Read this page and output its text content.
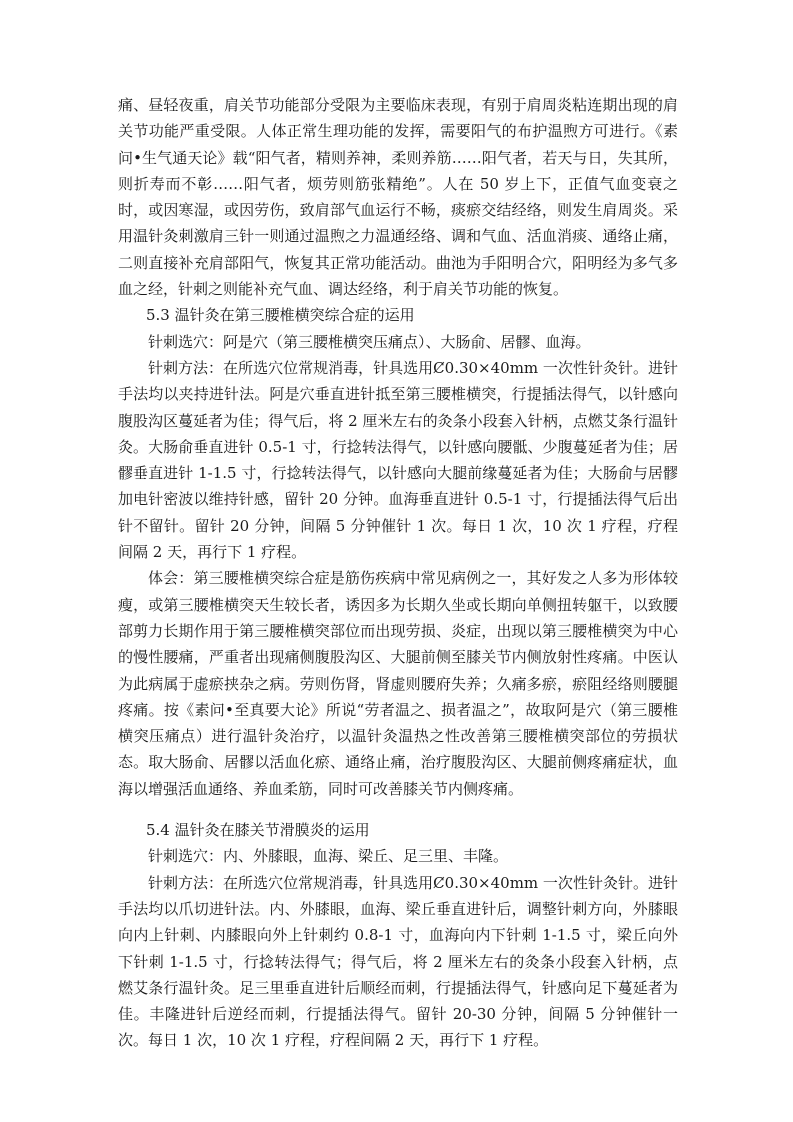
痛、昼轻夜重，肩关节功能部分受限为主要临床表现，有别于肩周炎粘连期出现的肩关节功能严重受限。人体正常生理功能的发挥，需要阳气的布护温煦方可进行。《素问•生气通天论》载“阳气者，精则养神，柔则养筋……阳气者，若天与日，失其所，则折寿而不彰……阳气者，烦劳则筋张精绝”。人在 50 岁上下，正值气血变衰之时，或因寒湿，或因劳伤，致肩部气血运行不畅，痰瘀交结经络，则发生肩周炎。采用温针灸刺激肩三针一则通过温煦之力温通经络、调和气血、活血消痰、通络止痛，二则直接补充肩部阳气，恢复其正常功能活动。曲池为手阳明合穴，阳明经为多气多血之经，针刺之则能补充气血、调达经络，利于肩关节功能的恢复。

5.3 温针灸在第三腰椎横突综合症的运用

针刺选穴：阿是穴（第三腰椎横突压痛点）、大肠俞、居髎、血海。

针刺方法：在所选穴位常规消毒，针具选用Ȼ0.30×40mm 一次性针灸针。进针手法均以夹持进针法。阿是穴垂直进针抵至第三腰椎横突，行提插法得气，以针感向腹股沟区蔓延者为佳；得气后，将 2 厘米左右的灸条小段套入针柄，点燃艾条行温针灸。大肠俞垂直进针 0.5-1 寸，行捻转法得气，以针感向腰骶、少腹蔓延者为佳；居髎垂直进针 1-1.5 寸，行捻转法得气，以针感向大腿前缘蔓延者为佳；大肠俞与居髎加电针密波以维持针感，留针 20 分钟。血海垂直进针 0.5-1 寸，行提插法得气后出针不留针。留针 20 分钟，间隔 5 分钟催针 1 次。每日 1 次，10 次 1 疗程，疗程间隔 2 天，再行下 1 疗程。

体会：第三腰椎横突综合症是筋伤疾病中常见病例之一，其好发之人多为形体较瘦，或第三腰椎横突天生较长者，诱因多为长期久坐或长期向单侧扭转躯干，以致腰部剪力长期作用于第三腰椎横突部位而出现劳损、炎症，出现以第三腰椎横突为中心的慢性腰痛，严重者出现痛侧腹股沟区、大腿前侧至膝关节内侧放射性疼痛。中医认为此病属于虚瘀挟杂之病。劳则伤肾，肾虚则腰府失养；久痛多瘀，瘀阻经络则腰腿疼痛。按《素问•至真要大论》所说“劳者温之、损者温之”，故取阿是穴（第三腰椎横突压痛点）进行温针灸治疗，以温针灸温热之性改善第三腰椎横突部位的劳损状态。取大肠俞、居髎以活血化瘀、通络止痛，治疗腹股沟区、大腿前侧疼痛症状，血海以增强活血通络、养血柔筋，同时可改善膝关节内侧疼痛。

5.4 温针灸在膝关节滑膜炎的运用

针刺选穴：内、外膝眼，血海、梁丘、足三里、丰隆。

针刺方法：在所选穴位常规消毒，针具选用Ȼ0.30×40mm 一次性针灸针。进针手法均以爪切进针法。内、外膝眼，血海、梁丘垂直进针后，调整针刺方向，外膝眼向内上针刺、内膝眼向外上针刺约 0.8-1 寸，血海向内下针刺 1-1.5 寸，梁丘向外下针刺 1-1.5 寸，行捻转法得气；得气后，将 2 厘米左右的灸条小段套入针柄，点燃艾条行温针灸。足三里垂直进针后顺经而刺，行提插法得气，针感向足下蔓延者为佳。丰隆进针后逆经而刺，行提插法得气。留针 20-30 分钟，间隔 5 分钟催针一次。每日 1 次，10 次 1 疗程，疗程间隔 2 天，再行下 1 疗程。
